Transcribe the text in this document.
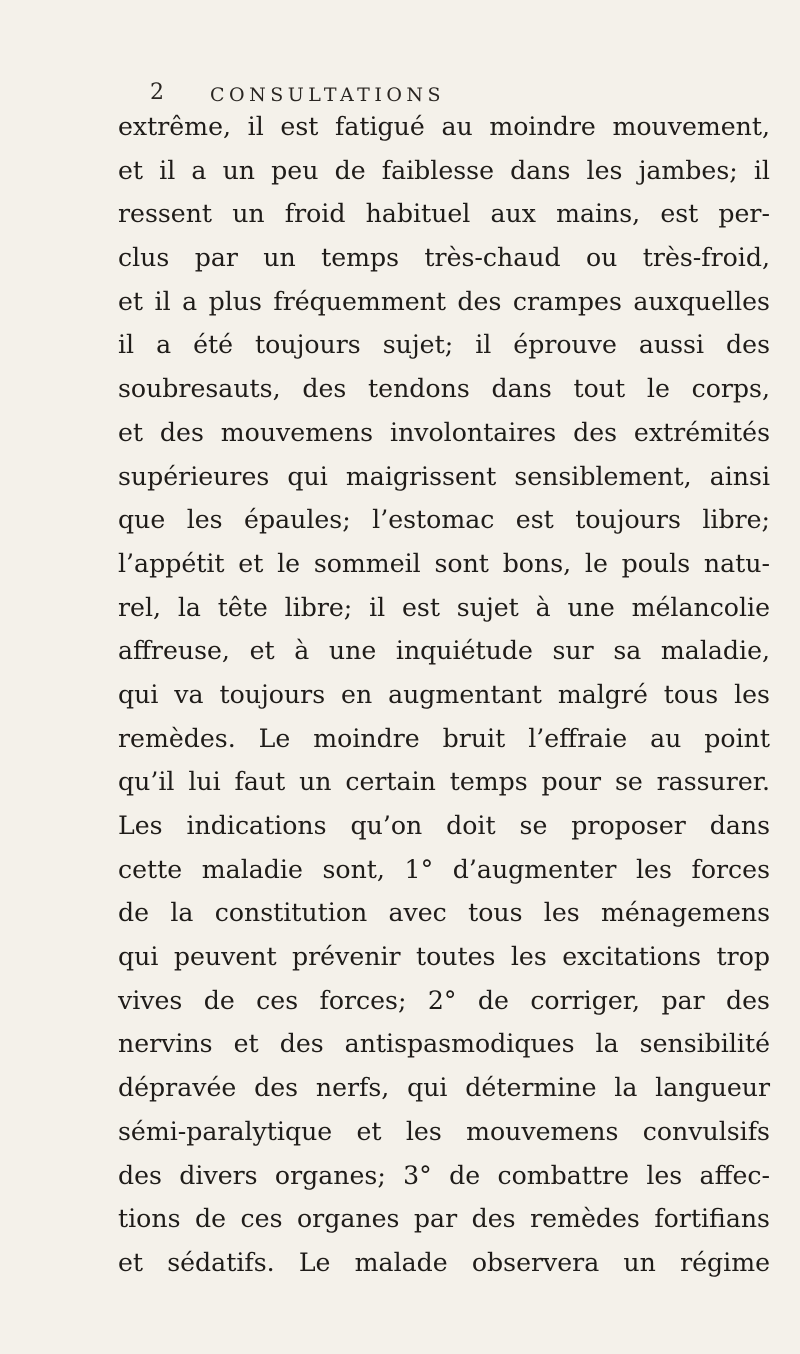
2 CONSULTATIONS
extrême, il est fatigué au moindre mouvement,
et il a un peu de faiblesse dans les jambes; il
ressent un froid habituel aux mains, est per-
clus par un temps très-chaud ou très-froid,
et il a plus fréquemment des crampes auxquelles
il a été toujours sujet; il éprouve aussi des
soubresauts, des tendons dans tout le corps,
et des mouvemens involontaires des extrémités
supérieures qui maigrissent sensiblement, ainsi
que les épaules; l’estomac est toujours libre;
l’appétit et le sommeil sont bons, le pouls natu-
rel, la tête libre; il est sujet à une mélancolie
affreuse, et à une inquiétude sur sa maladie,
qui va toujours en augmentant malgré tous les
remèdes. Le moindre bruit l’effraie au point
qu’il lui faut un certain temps pour se rassurer.
Les indications qu’on doit se proposer dans
cette maladie sont, 1° d’augmenter les forces
de la constitution avec tous les ménagemens
qui peuvent prévenir toutes les excitations trop
vives de ces forces; 2° de corriger, par des
nervins et des antispasmodiques la sensibilité
dépravée des nerfs, qui détermine la langueur
sémi-paralytique et les mouvemens convulsifs
des divers organes; 3° de combattre les affec-
tions de ces organes par des remèdes fortifians
et sédatifs. Le malade observera un régime
